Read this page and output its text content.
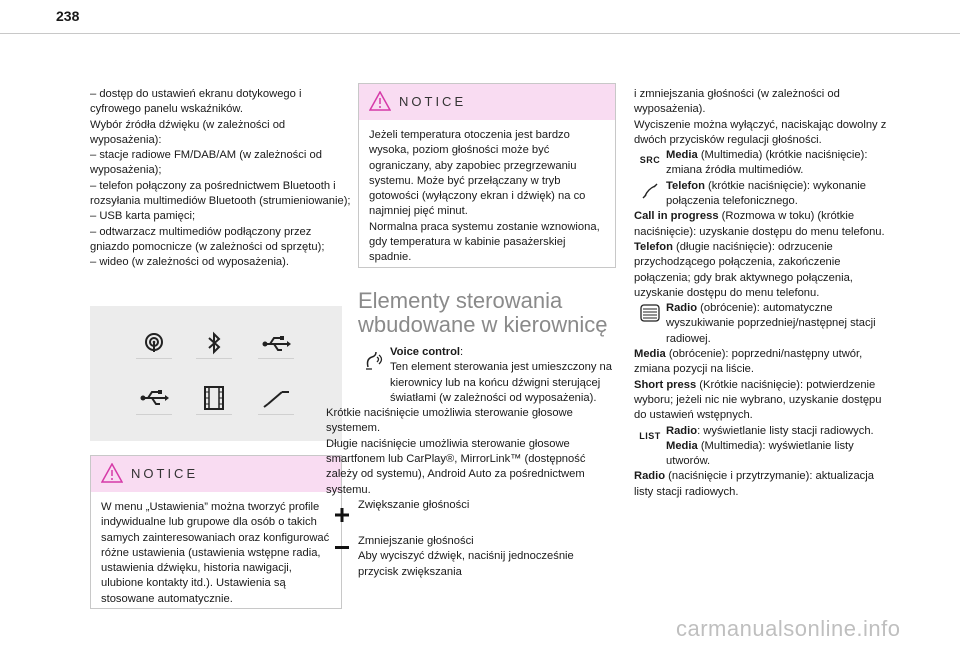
238

– dostęp do ustawień ekranu dotykowego i cyfrowego panelu wskaźników.

Wybór źródła dźwięku (w zależności od wyposażenia):

– stacje radiowe FM/DAB/AM (w zależności od wyposażenia);

– telefon połączony za pośrednictwem Bluetooth i rozsyłania multimediów Bluetooth (strumieniowanie);

– USB karta pamięci;

– odtwarzacz multimediów podłączony przez gniazdo pomocnicze (w zależności od sprzętu);

– wideo (w zależności od wyposażenia).

NOTICE
W menu „Ustawienia” można tworzyć profile indywidualne lub grupowe dla osób o takich samych zainteresowaniach oraz konfigurować różne ustawienia (ustawienia wstępne radia, ustawienia dźwięku, historia nawigacji, ulubione kontakty itd.). Ustawienia są stosowane automatycznie.
NOTICE
Jeżeli temperatura otoczenia jest bardzo wysoka, poziom głośności może być ograniczany, aby zapobiec przegrzewaniu systemu. Może być przełączany w tryb gotowości (wyłączony ekran i dźwięk) na co najmniej pięć minut.
Normalna praca systemu zostanie wznowiona, gdy temperatura w kabinie pasażerskiej spadnie.
Elementy sterowania wbudowane w kierownicę
Voice control:
Ten element sterowania jest umieszczony na kierownicy lub na końcu dźwigni sterującej światłami (w zależności od wyposażenia).

Krótkie naciśnięcie umożliwia sterowanie głosowe systemem.

Długie naciśnięcie umożliwia sterowanie głosowe smartfonem lub CarPlay®, MirrorLink™ (dostępność zależy od systemu), Android Auto za pośrednictwem systemu.

Zwiększanie głośności
Zmniejszanie głośności
Aby wyciszyć dźwięk, naciśnij jednocześnie przycisk zwiększania

i zmniejszania głośności (w zależności od wyposażenia).

Wyciszenie można wyłączyć, naciskając dowolny z dwóch przycisków regulacji głośności.

SRC Media (Multimedia) (krótkie naciśnięcie): zmiana źródła multimediów.
Telefon (krótkie naciśnięcie): wykonanie połączenia telefonicznego.

Call in progress (Rozmowa w toku) (krótkie naciśnięcie): uzyskanie dostępu do menu telefonu.

Telefon (długie naciśnięcie): odrzucenie przychodzącego połączenia, zakończenie połączenia; gdy brak aktywnego połączenia, uzyskanie dostępu do menu telefonu.

Radio (obrócenie): automatyczne wyszukiwanie poprzedniej/następnej stacji radiowej.

Media (obrócenie): poprzedni/następny utwór, zmiana pozycji na liście.

Short press (Krótkie naciśnięcie): potwierdzenie wyboru; jeżeli nic nie wybrano, uzyskanie dostępu do ustawień wstępnych.

LIST Radio: wyświetlanie listy stacji radiowych.
Media (Multimedia): wyświetlanie listy utworów.

Radio (naciśnięcie i przytrzymanie): aktualizacja listy stacji radiowych.

carmanualsonline.info
